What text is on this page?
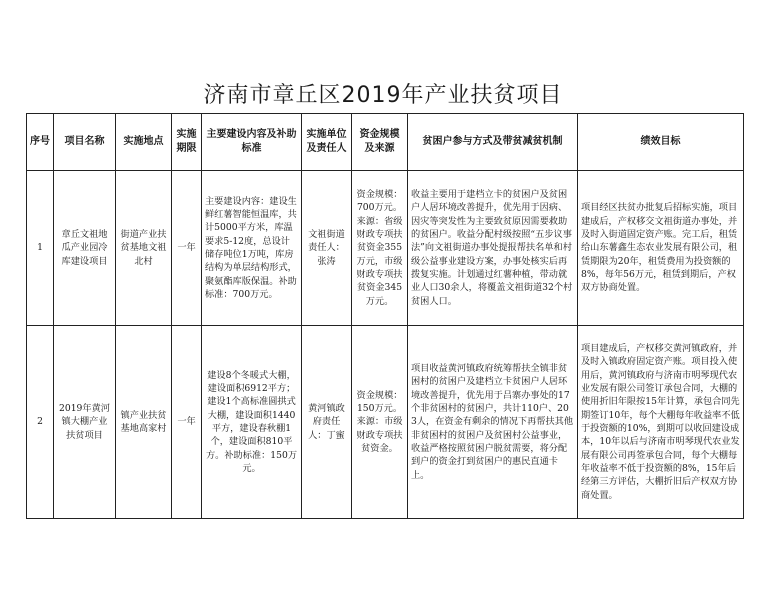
济南市章丘区2019年产业扶贫项目
序号	项目名称	实施地点	实施期限	主要建设内容及补助标准	实施单位及责任人	资金规模及来源	贫困户参与方式及带贫减贫机制	绩效目标
1	章丘文祖地瓜产业园冷库建设项目	街道产业扶贫基地文祖北村	一年	主要建设内容：建设生鲜红薯智能恒温库，共计5000平方米，库温要求5-12度，总设计储存吨位1万吨，库房结构为单层结构形式，聚氨酯库版保温。补助标准：700万元。	文祖街道责任人：张涛	资金规模：700万元。来源：省级财政专项扶贫资金355万元，市级财政专项扶贫资金345万元。	收益主要用于建档立卡的贫困户及贫困户人居环境改善提升，优先用于因病、因灾等突发性为主要致贫原因需要救助的贫困户。收益分配村级按照“五步议事法”向文祖街道办事处提报帮扶名单和村级公益事业建设方案，办事处核实后再拨复实施。计划通过红薯种植，带动就业人口30余人，将覆盖文祖街道32个村贫困人口。	项目经区扶贫办批复后招标实施，项目建成后，产权移交文祖街道办事处，并及时入街道固定资产账。完工后，租赁给山东薯鑫生态农业发展有限公司，租赁期限为20年，租赁费用为投资额的8%，每年56万元，租赁到期后，产权双方协商处置。
2	2019年黄河镇大棚产业扶贫项目	镇产业扶贫基地高家村	一年	建设8个冬暖式大棚，建设面积6912平方；建设1个高标准圆拱式大棚，建设面积1440平方，建设春秋棚1个，建设面积810平方。补助标准：150万元。	黄河镇政府责任人：丁蜜	资金规模：150万元。来源：市级财政专项扶贫资金。	项目收益黄河镇政府统筹帮扶全镇非贫困村的贫困户及建档立卡贫困户人居环境改善提升，优先用于吕寨办事处的17个非贫困村的贫困户，共计110户、203人，在资金有剩余的情况下再帮扶其他非贫困村的贫困户及贫困村公益事业，收益严格按照贫困户脱贫需要，将分配到户的资金打到贫困户的惠民直通卡上。	项目建成后，产权移交黄河镇政府，并及时入镇政府固定资产账。项目投入使用后，黄河镇政府与济南市明琴现代农业发展有限公司签订承包合同，大棚的使用折旧年限按15年计算，承包合同先期签订10年，每个大棚每年收益率不低于投资额的10%，到期可以收回建设成本，10年以后与济南市明琴现代农业发展有限公司再签承包合同，每个大棚每年收益率不低于投资额的8%，15年后经第三方评估，大棚折旧后产权双方协商处置。
